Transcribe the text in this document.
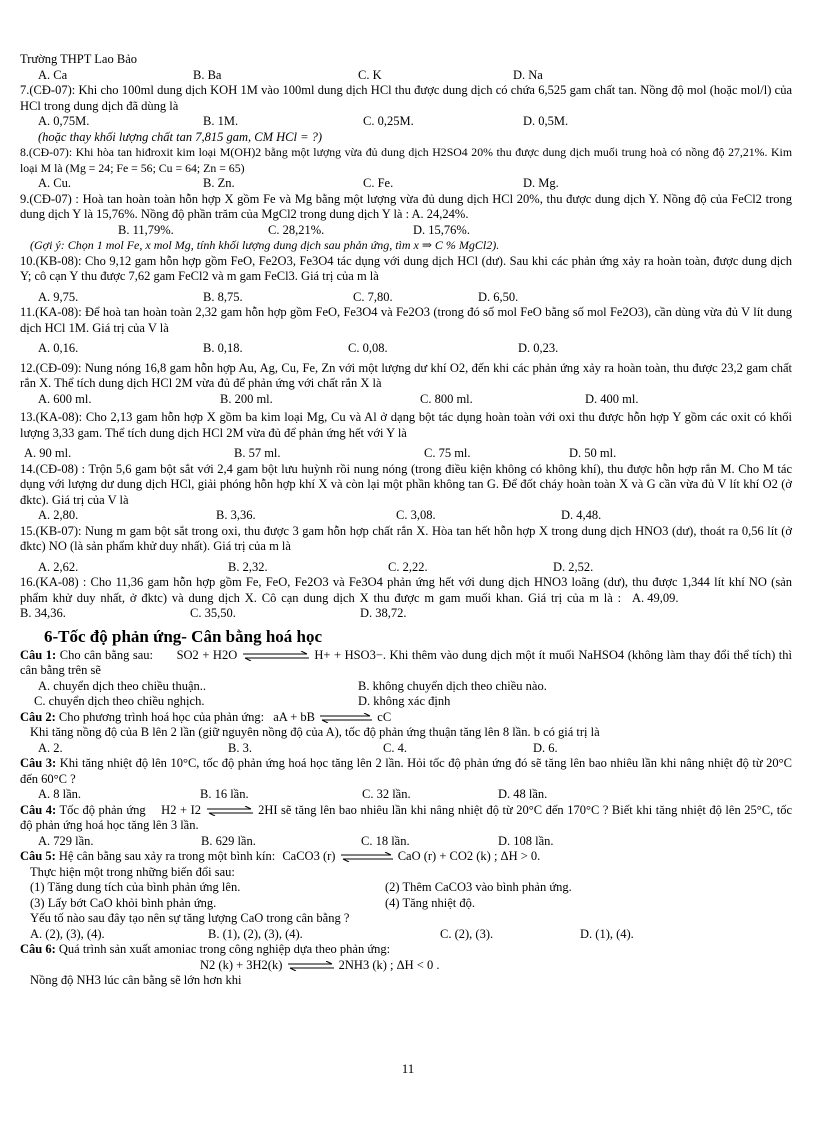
Trường THPT Lao Bảo
A. Ca	B. Ba	C. K	D. Na
7.(CĐ-07): Khi cho 100ml dung dịch KOH 1M vào 100ml dung dịch HCl thu được dung dịch có chứa 6,525 gam chất tan. Nồng độ mol (hoặc mol/l) của HCl trong dung dịch đã dùng là
A. 0,75M.	B. 1M.	C. 0,25M.	D. 0,5M.
(hoặc thay khối lượng chất tan 7,815 gam, CM HCl = ?)
8.(CĐ-07): Khi hòa tan hiđroxit kim loại M(OH)2 bằng một lượng vừa đủ dung dịch H2SO4 20% thu được dung dịch muối trung hoà có nồng độ 27,21%. Kim loại M là (Mg = 24; Fe = 56; Cu = 64; Zn = 65)
A. Cu.	B. Zn.	C. Fe.	D. Mg.
9.(CĐ-07) : Hoà tan hoàn toàn hỗn hợp X gồm Fe và Mg bằng một lượng vừa đủ dung dịch HCl 20%, thu được dung dịch Y. Nồng độ của FeCl2 trong dung dịch Y là 15,76%. Nồng độ phần trăm của MgCl2 trong dung dịch Y là : A. 24,24%.
B. 11,79%.	C. 28,21%.	D. 15,76%.
(Gợi ý: Chọn 1 mol Fe, x mol Mg, tính khối lượng dung dịch sau phản ứng, tìm x ⇒ C % MgCl2).
10.(KB-08): Cho 9,12 gam hỗn hợp gồm FeO, Fe2O3, Fe3O4 tác dụng với dung dịch HCl (dư). Sau khi các phản ứng xảy ra hoàn toàn, được dung dịch Y; cô cạn Y thu được 7,62 gam FeCl2 và m gam FeCl3. Giá trị của m là
A. 9,75.	B. 8,75.	C. 7,80.	D. 6,50.
11.(KA-08): Để hoà tan hoàn toàn 2,32 gam hỗn hợp gồm FeO, Fe3O4 và Fe2O3 (trong đó số mol FeO bằng số mol Fe2O3), cần dùng vừa đủ V lít dung dịch HCl 1M. Giá trị của V là
A. 0,16.	B. 0,18.	C. 0,08.	D. 0,23.
12.(CĐ-09): Nung nóng 16,8 gam hỗn hợp Au, Ag, Cu, Fe, Zn với một lượng dư khí O2, đến khi các phản ứng xảy ra hoàn toàn, thu được 23,2 gam chất rắn X. Thể tích dung dịch HCl 2M vừa đủ để phản ứng với chất rắn X là
A. 600 ml.	B. 200 ml.	C. 800 ml.	D. 400 ml.
13.(KA-08): Cho 2,13 gam hỗn hợp X gồm ba kim loại Mg, Cu và Al ở dạng bột tác dụng hoàn toàn với oxi thu được hỗn hợp Y gồm các oxit có khối lượng 3,33 gam. Thể tích dung dịch HCl 2M vừa đủ để phản ứng hết với Y là
A. 90 ml.	B. 57 ml.	C. 75 ml.	D. 50 ml.
14.(CĐ-08) : Trộn 5,6 gam bột sắt với 2,4 gam bột lưu huỳnh rồi nung nóng (trong điều kiện không có không khí), thu được hỗn hợp rắn M. Cho M tác dụng với lượng dư dung dịch HCl, giải phóng hỗn hợp khí X và còn lại một phần không tan G. Để đốt cháy hoàn toàn X và G cần vừa đủ V lít khí O2 (ở đktc). Giá trị của V là
A. 2,80.	B. 3,36.	C. 3,08.	D. 4,48.
15.(KB-07): Nung m gam bột sắt trong oxi, thu được 3 gam hỗn hợp chất rắn X. Hòa tan hết hỗn hợp X trong dung dịch HNO3 (dư), thoát ra 0,56 lít (ở đktc) NO (là sản phẩm khử duy nhất). Giá trị của m là
A. 2,62.	B. 2,32.	C. 2,22.	D. 2,52.
16.(KA-08) : Cho 11,36 gam hỗn hợp gồm Fe, FeO, Fe2O3 và Fe3O4 phản ứng hết với dung dịch HNO3 loãng (dư), thu được 1,344 lít khí NO (sản phẩm khử duy nhất, ở đktc) và dung dịch X. Cô cạn dung dịch X thu được m gam muối khan. Giá trị của m là : A. 49,09.B. 34,36.	C. 35,50.	D. 38,72.
6-Tốc độ phản ứng- Cân bằng hoá học
Câu 1: Cho cân bằng sau: SO2 + H2O	H+ + HSO3−. Khi thêm vào dung dịch một ít muối NaHSO4 (không làm thay đổi thể tích) thì cân bằng trên sẽ
A. chuyển dịch theo chiều thuận..	B. không chuyển dịch theo chiều nào.
C. chuyển dịch theo chiều nghịch.	D. không xác định
Câu 2: Cho phương trình hoá học của phản ứng: aA + bB	cC
Khi tăng nồng độ của B lên 2 lần (giữ nguyên nồng độ của A), tốc độ phản ứng thuận tăng lên 8 lần. b có giá trị là
A. 2.	B. 3.	C. 4.	D. 6.
Câu 3: Khi tăng nhiệt độ lên 10°C, tốc độ phản ứng hoá học tăng lên 2 lần. Hỏi tốc độ phản ứng đó sẽ tăng lên bao nhiêu lần khi nâng nhiệt độ từ 20°C đến 60°C ?
A. 8 lần.	B. 16 lần.	C. 32 lần.	D. 48 lần.
Câu 4: Tốc độ phản ứng H2 + I2 ⇌ 2HI sẽ tăng lên bao nhiêu lần khi nâng nhiệt độ từ 20°C đến 170°C ? Biết khi tăng nhiệt độ lên 25°C, tốc độ phản ứng hoá học tăng lên 3 lần.
A. 729 lần.	B. 629 lần.	C. 18 lần.	D. 108 lần.
Câu 5: Hệ cân bằng sau xảy ra trong một bình kín: CaCO3 (r)	CaO (r) + CO2 (k) ; ΔH > 0.
Thực hiện một trong những biến đổi sau:
(1) Tăng dung tích của bình phản ứng lên.	(2) Thêm CaCO3 vào bình phản ứng.
(3) Lấy bớt CaO khỏi bình phản ứng.	(4) Tăng nhiệt độ.
Yếu tố nào sau đây tạo nên sự tăng lượng CaO trong cân bằng ?
A. (2), (3), (4).	B. (1), (2), (3), (4).	C. (2), (3).	D. (1), (4).
Câu 6: Quá trình sản xuất amoniac trong công nghiệp dựa theo phản ứng:
N2 (k) + 3H2(k) ⇌ 2NH3 (k) ; ΔH < 0 .
Nồng độ NH3 lúc cân bằng sẽ lớn hơn khi
11
